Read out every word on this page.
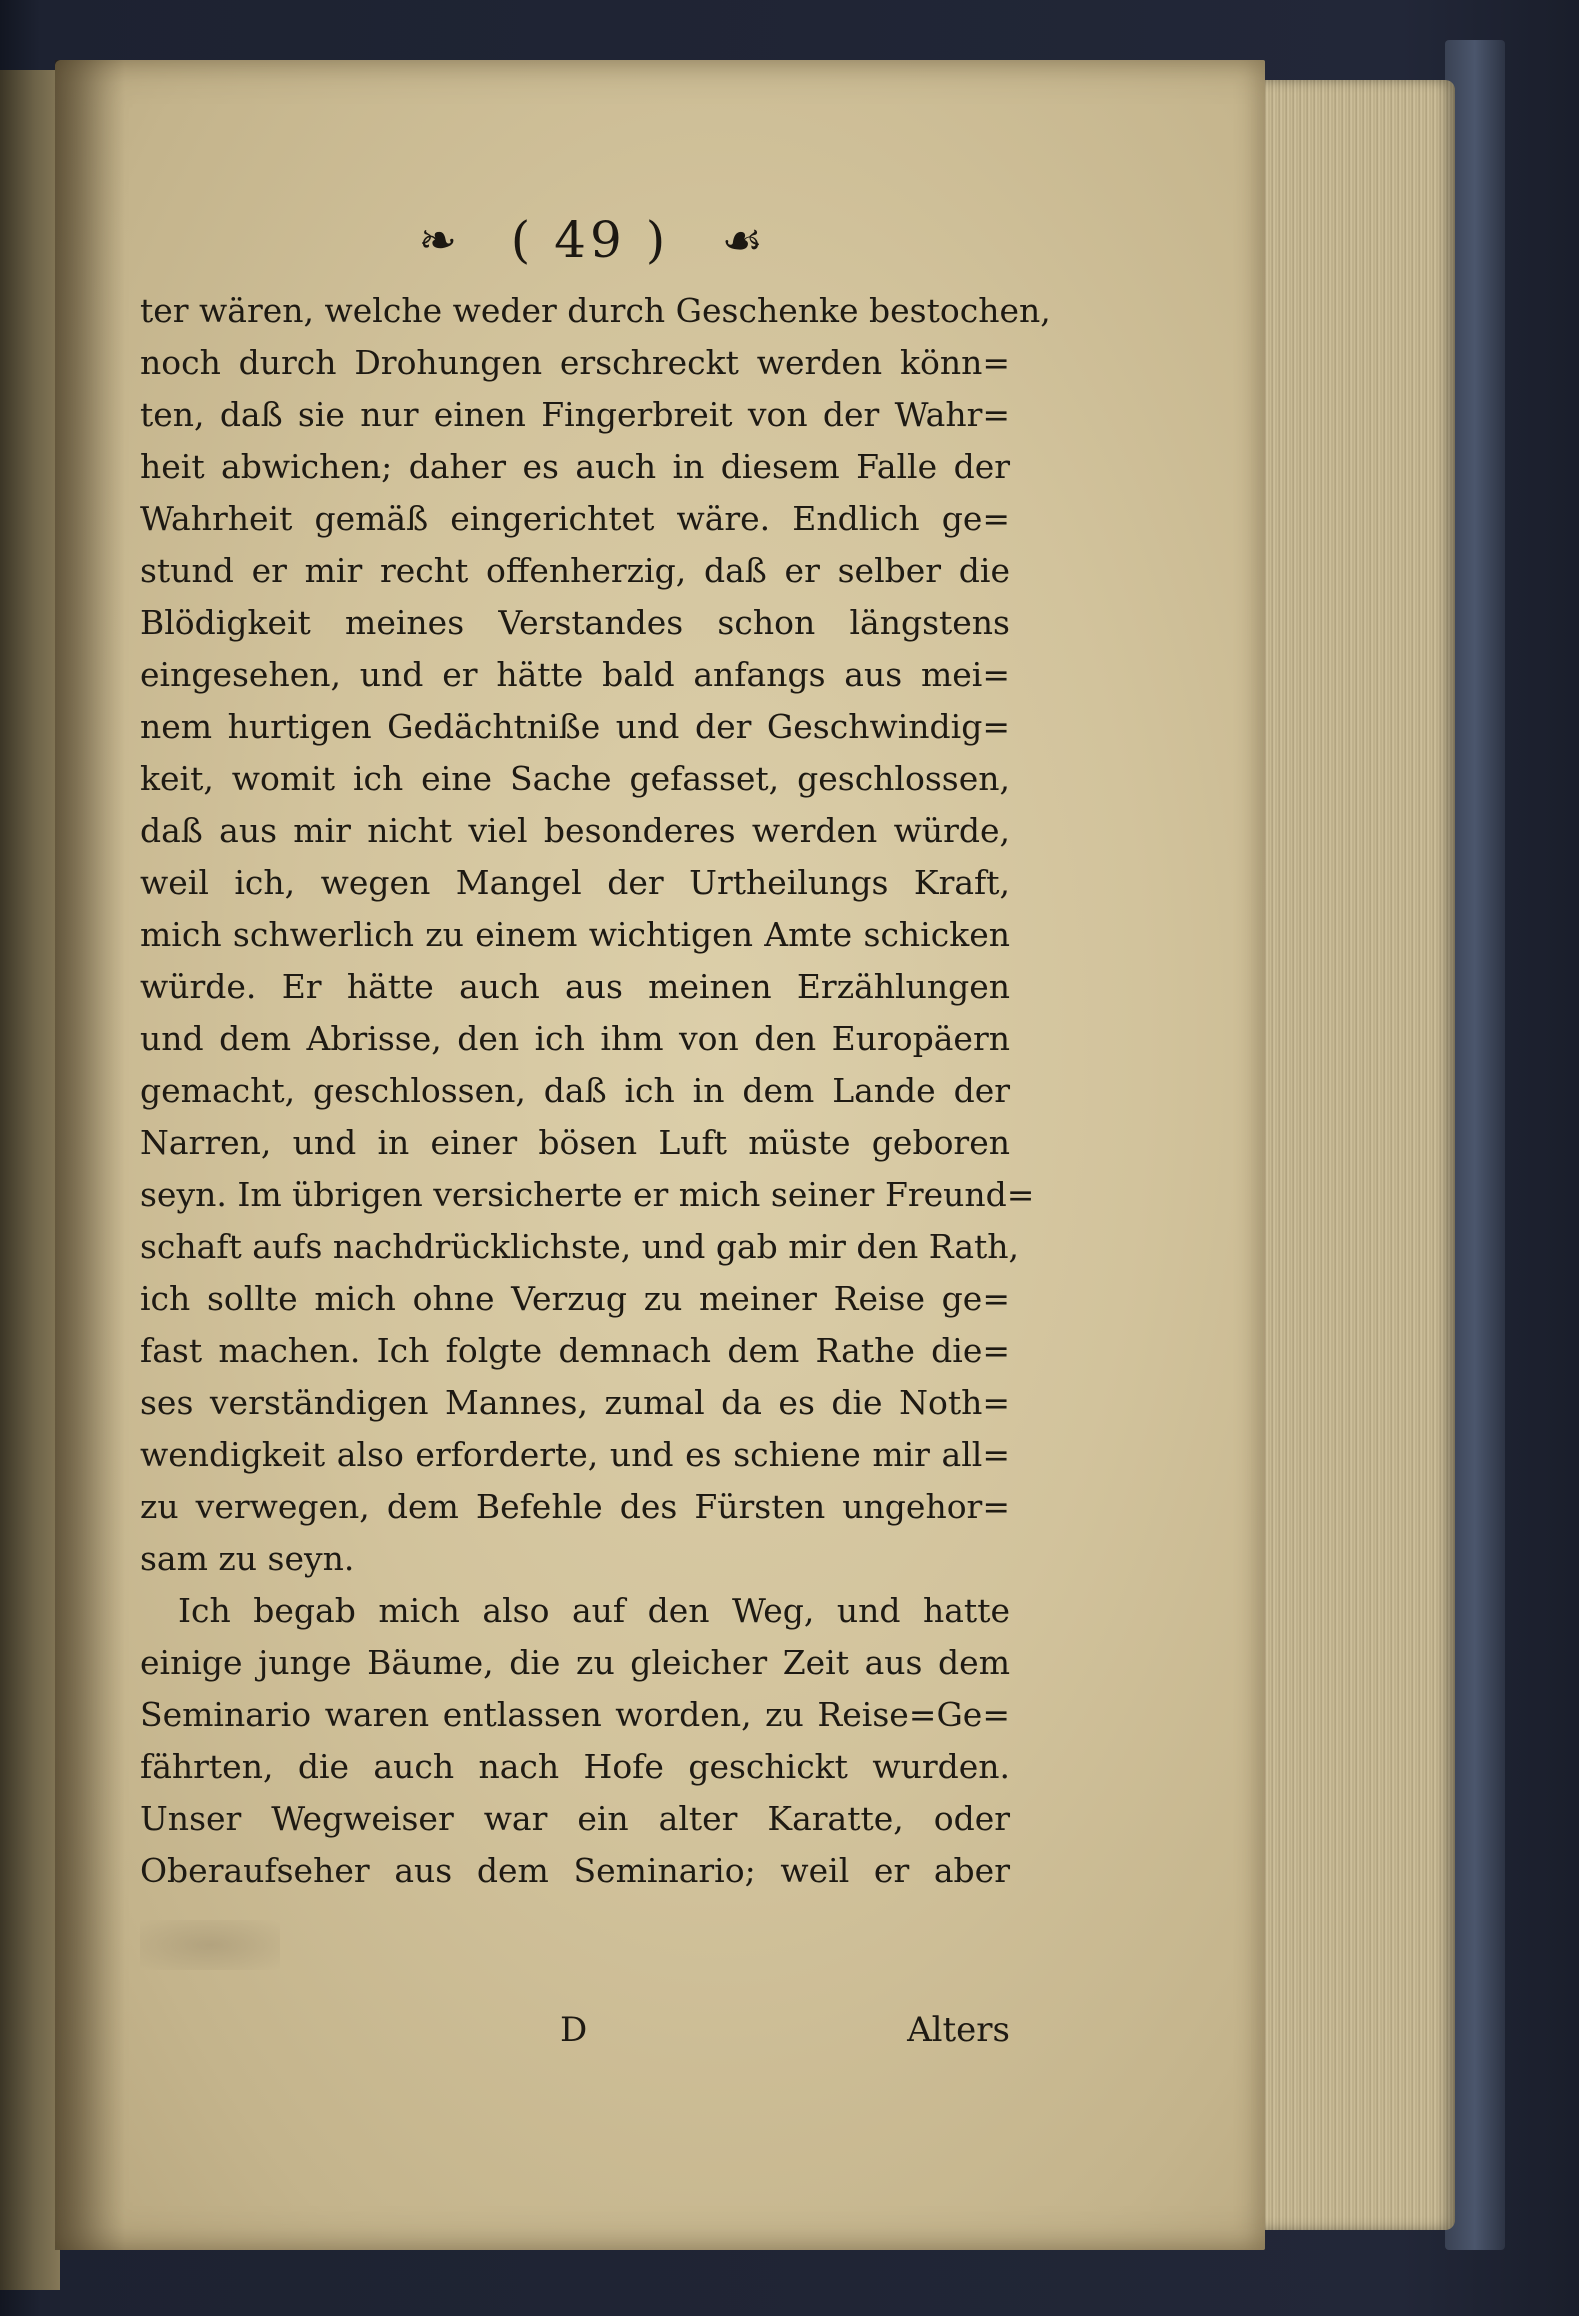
❧	( 49 )	☙
ter wären, welche weder durch Geschenke bestochen,
noch durch Drohungen erschreckt werden könn=
ten, daß sie nur einen Fingerbreit von der Wahr=
heit abwichen; daher es auch in diesem Falle der
Wahrheit gemäß eingerichtet wäre. Endlich ge=
stund er mir recht offenherzig, daß er selber die
Blödigkeit meines Verstandes schon längstens
eingesehen, und er hätte bald anfangs aus mei=
nem hurtigen Gedächtniße und der Geschwindig=
keit, womit ich eine Sache gefasset, geschlossen,
daß aus mir nicht viel besonderes werden würde,
weil ich, wegen Mangel der Urtheilungs Kraft,
mich schwerlich zu einem wichtigen Amte schicken
würde. Er hätte auch aus meinen Erzählungen
und dem Abrisse, den ich ihm von den Europäern
gemacht, geschlossen, daß ich in dem Lande der
Narren, und in einer bösen Luft müste geboren
seyn. Im übrigen versicherte er mich seiner Freund=
schaft aufs nachdrücklichste, und gab mir den Rath,
ich sollte mich ohne Verzug zu meiner Reise ge=
fast machen. Ich folgte demnach dem Rathe die=
ses verständigen Mannes, zumal da es die Noth=
wendigkeit also erforderte, und es schiene mir all=
zu verwegen, dem Befehle des Fürsten ungehor=
sam zu seyn.
Ich begab mich also auf den Weg, und hatte
einige junge Bäume, die zu gleicher Zeit aus dem
Seminario waren entlassen worden, zu Reise=Ge=
fährten, die auch nach Hofe geschickt wurden.
Unser Wegweiser war ein alter Karatte, oder
Oberaufseher aus dem Seminario; weil er aber
D	Alters
